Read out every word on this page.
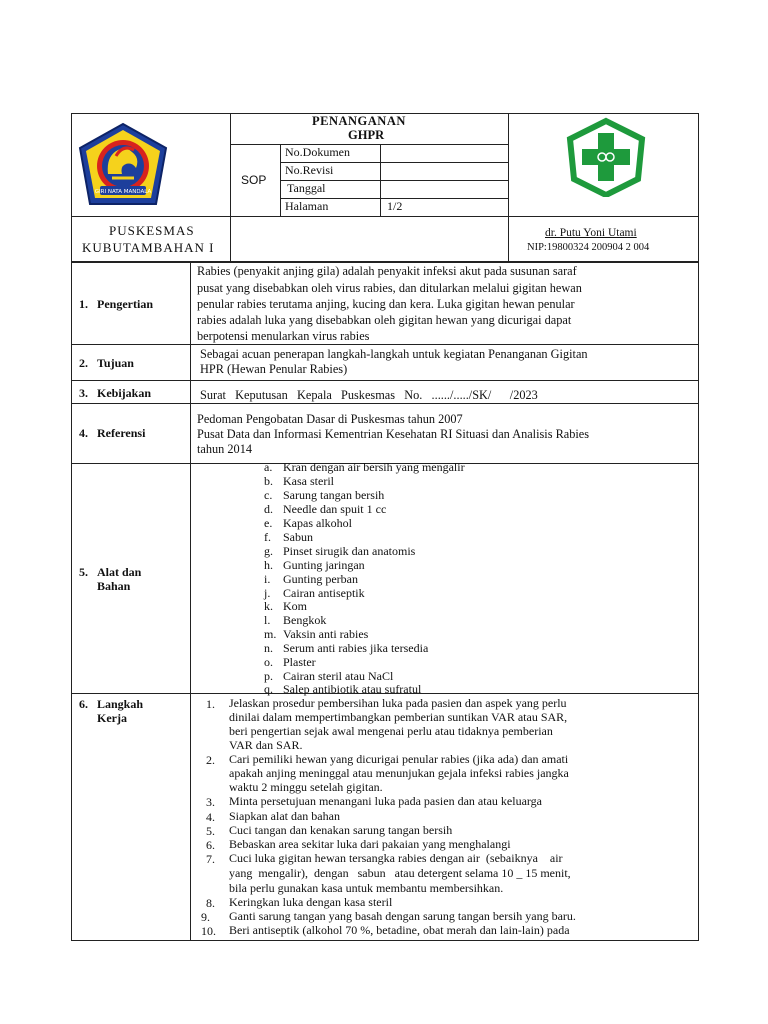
GIRI NATA MANDALA
PENANGANAN
GHPR
SOP
No.Dokumen
No.Revisi
Tanggal
Halaman	1/2
PUSKESMAS
KUBUTAMBAHAN I
dr. Putu Yoni Utami
NIP:19800324 200904 2 004
1. Pengertian
2. Tujuan
3. Kebijakan
4. Referensi
5. Alat dan
Bahan
6. Langkah
Kerja
Rabies (penyakit anjing gila) adalah penyakit infeksi akut pada susunan saraf
pusat yang disebabkan oleh virus rabies, dan ditularkan melalui gigitan hewan
penular rabies terutama anjing, kucing dan kera. Luka gigitan hewan penular
rabies adalah luka yang disebabkan oleh gigitan hewan yang dicurigai dapat
berpotensi menularkan virus rabies
Sebagai acuan penerapan langkah-langkah untuk kegiatan Penanganan Gigitan
HPR (Hewan Penular Rabies)
Surat   Keputusan   Kepala   Puskesmas   No.   ....../...../SK/      /2023
Pedoman Pengobatan Dasar di Puskesmas tahun 2007
Pusat Data dan Informasi Kementrian Kesehatan RI Situasi dan Analisis Rabies
tahun 2014
a. Kran dengan air bersih yang mengalir
b. Kasa steril
c. Sarung tangan bersih
d. Needle dan spuit 1 cc
e. Kapas alkohol
f. Sabun
g. Pinset sirugik dan anatomis
h. Gunting jaringan
i. Gunting perban
j. Cairan antiseptik
k. Kom
l. Bengkok
m. Vaksin anti rabies
n. Serum anti rabies jika tersedia
o. Plaster
p. Cairan steril atau NaCl
q. Salep antibiotik atau sufratul
1. Jelaskan prosedur pembersihan luka pada pasien dan aspek yang perlu
dinilai dalam mempertimbangkan pemberian suntikan VAR atau SAR,
beri pengertian sejak awal mengenai perlu atau tidaknya pemberian
VAR dan SAR.
2. Cari pemiliki hewan yang dicurigai penular rabies (jika ada) dan amati
apakah anjing meninggal atau menunjukan gejala infeksi rabies jangka
waktu 2 minggu setelah gigitan.
3. Minta persetujuan menangani luka pada pasien dan atau keluarga
4. Siapkan alat dan bahan
5. Cuci tangan dan kenakan sarung tangan bersih
6. Bebaskan area sekitar luka dari pakaian yang menghalangi
7. Cuci luka gigitan hewan tersangka rabies dengan air  (sebaiknya    air
yang  mengalir),  dengan   sabun   atau detergent selama 10 _ 15 menit,
bila perlu gunakan kasa untuk membantu membersihkan.
8. Keringkan luka dengan kasa steril
9. Ganti sarung tangan yang basah dengan sarung tangan bersih yang baru.
10. Beri antiseptik (alkohol 70 %, betadine, obat merah dan lain-lain) pada
